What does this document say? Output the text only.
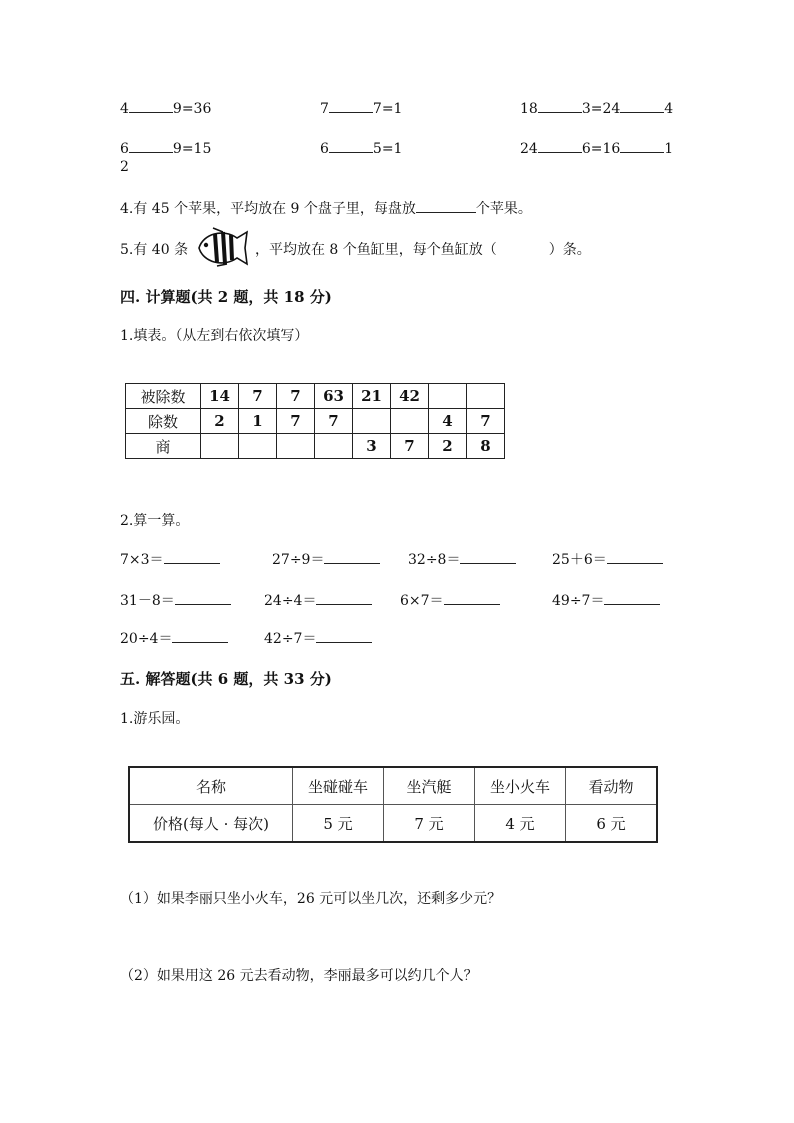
4	9=36	7	7=1	18	3=24	4
6	9=15	6	5=1	24	6=16	1
2
4.有 45 个苹果，平均放在 9 个盘子里，每盘放	个苹果。
5.有 40 条	，平均放在 8 个鱼缸里，每个鱼缸放（	）条。
四. 计算题(共 2 题，共 18 分)
1.填表。（从左到右依次填写）
被除数	14	7	7	63	21	42		
除数	2	1	7	7			4	7
商					3	7	2	8
2.算一算。
7×3＝	27÷9＝	32÷8＝	25＋6＝
31－8＝	24÷4＝	6×7＝	49÷7＝
20÷4＝	42÷7＝
五. 解答题(共 6 题，共 33 分)
1.游乐园。
名称	坐碰碰车	坐汽艇	坐小火车	看动物
价格(每人 · 每次)	5 元	7 元	4 元	6 元
（1）如果李丽只坐小火车，26 元可以坐几次，还剩多少元？
（2）如果用这 26 元去看动物，李丽最多可以约几个人？
